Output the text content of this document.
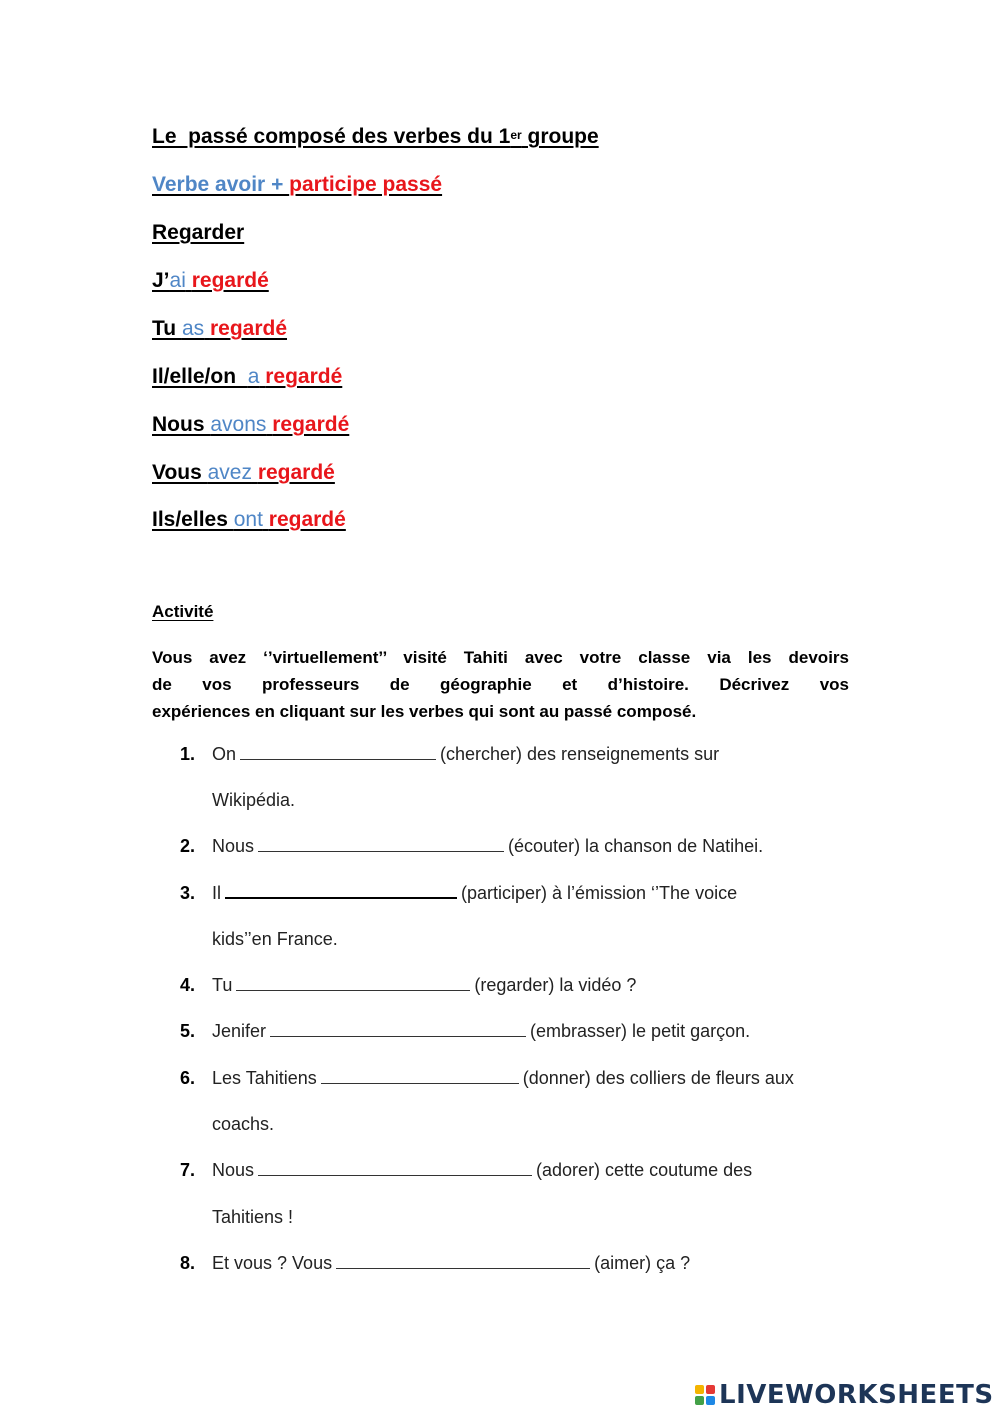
Le  passé composé des verbes du 1er groupe
Verbe avoir + participe passé
Regarder
J’ai regardé
Tu as regardé
Il/elle/on  a regardé
Nous avons regardé
Vous avez regardé
Ils/elles ont regardé
Activité
Vous avez ‘’virtuellement’’ visité Tahiti avec votre classe via les devoirs
de vos professeurs de géographie et d’histoire. Décrivez vos
expériences en cliquant sur les verbes qui sont au passé composé.
1. On	(chercher) des renseignements sur
Wikipédia.
2. Nous	(écouter) la chanson de Natihei.
3. Il	(participer) à l’émission ‘’The voice
kids’’en France.
4. Tu	(regarder) la vidéo ?
5. Jenifer	(embrasser) le petit garçon.
6. Les Tahitiens	(donner) des colliers de fleurs aux
coachs.
7. Nous	(adorer) cette coutume des
Tahitiens !
8. Et vous ? Vous	(aimer) ça ?
LIVEWORKSHEETS
